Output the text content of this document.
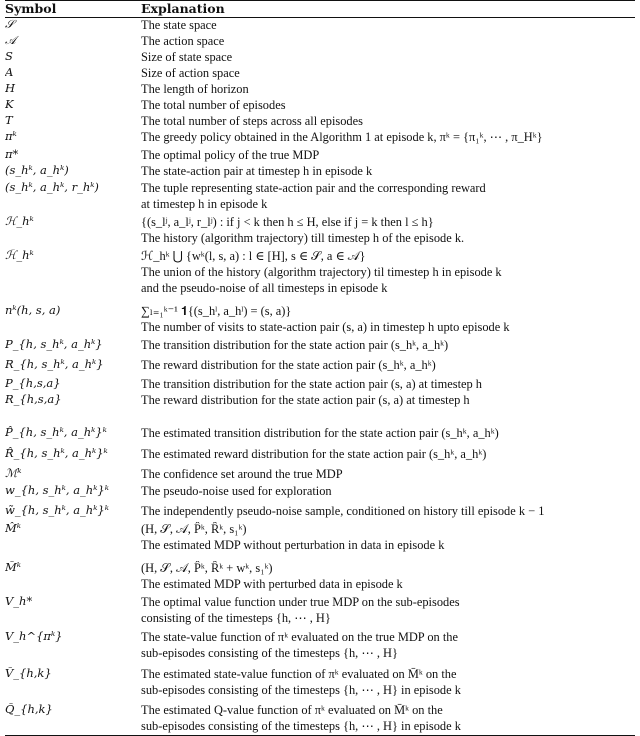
Symbol	Explanation
𝒮	The state space
𝒜	The action space
S	Size of state space
A	Size of action space
H	The length of horizon
K	The total number of episodes
T	The total number of steps across all episodes
πᵏ	The greedy policy obtained in the Algorithm 1 at episode k, πᵏ = {π₁ᵏ, ⋯ , π_Hᵏ}
π*	The optimal policy of the true MDP
(s_hᵏ, a_hᵏ)	The state-action pair at timestep h in episode k
(s_hᵏ, a_hᵏ, r_hᵏ)	The tuple representing state-action pair and the corresponding reward
at timestep h in episode k
ℋ_hᵏ	{(s_lʲ, a_lʲ, r_lʲ) : if j < k then h ≤ H, else if j = k then l ≤ h}
The history (algorithm trajectory) till timestep h of the episode k.
ℋ̄_hᵏ	ℋ_hᵏ ⋃ {wᵏ(l, s, a) : l ∈ [H], s ∈ 𝒮, a ∈ 𝒜}
The union of the history (algorithm trajectory) til timestep h in episode k
and the pseudo-noise of all timesteps in episode k
nᵏ(h, s, a)	∑ₗ₌₁ᵏ⁻¹ 𝟏{(s_hˡ, a_hˡ) = (s, a)}
The number of visits to state-action pair (s, a) in timestep h upto episode k
P_{h, s_hᵏ, a_hᵏ}	The transition distribution for the state action pair (s_hᵏ, a_hᵏ)
R_{h, s_hᵏ, a_hᵏ}	The reward distribution for the state action pair (s_hᵏ, a_hᵏ)
P_{h,s,a}	The transition distribution for the state action pair (s, a) at timestep h
R_{h,s,a}	The reward distribution for the state action pair (s, a) at timestep h
P̂_{h, s_hᵏ, a_hᵏ}ᵏ	The estimated transition distribution for the state action pair (s_hᵏ, a_hᵏ)
R̂_{h, s_hᵏ, a_hᵏ}ᵏ	The estimated reward distribution for the state action pair (s_hᵏ, a_hᵏ)
ℳᵏ	The confidence set around the true MDP
w_{h, s_hᵏ, a_hᵏ}ᵏ	The pseudo-noise used for exploration
w̃_{h, s_hᵏ, a_hᵏ}ᵏ	The independently pseudo-noise sample, conditioned on history till episode k − 1
M̂ᵏ	(H, 𝒮, 𝒜, P̂ᵏ, R̂ᵏ, s₁ᵏ)
The estimated MDP without perturbation in data in episode k
M̄ᵏ	(H, 𝒮, 𝒜, P̂ᵏ, R̂ᵏ + wᵏ, s₁ᵏ)
The estimated MDP with perturbed data in episode k
V_h*	The optimal value function under true MDP on the sub-episodes
consisting of the timesteps {h, ⋯ , H}
V_h^{πᵏ}	The state-value function of πᵏ evaluated on the true MDP on the
sub-episodes consisting of the timesteps {h, ⋯ , H}
V̄_{h,k}	The estimated state-value function of πᵏ evaluated on M̄ᵏ on the
sub-episodes consisting of the timesteps {h, ⋯ , H} in episode k
Q̄_{h,k}	The estimated Q-value function of πᵏ evaluated on M̄ᵏ on the
sub-episodes consisting of the timesteps {h, ⋯ , H} in episode k
